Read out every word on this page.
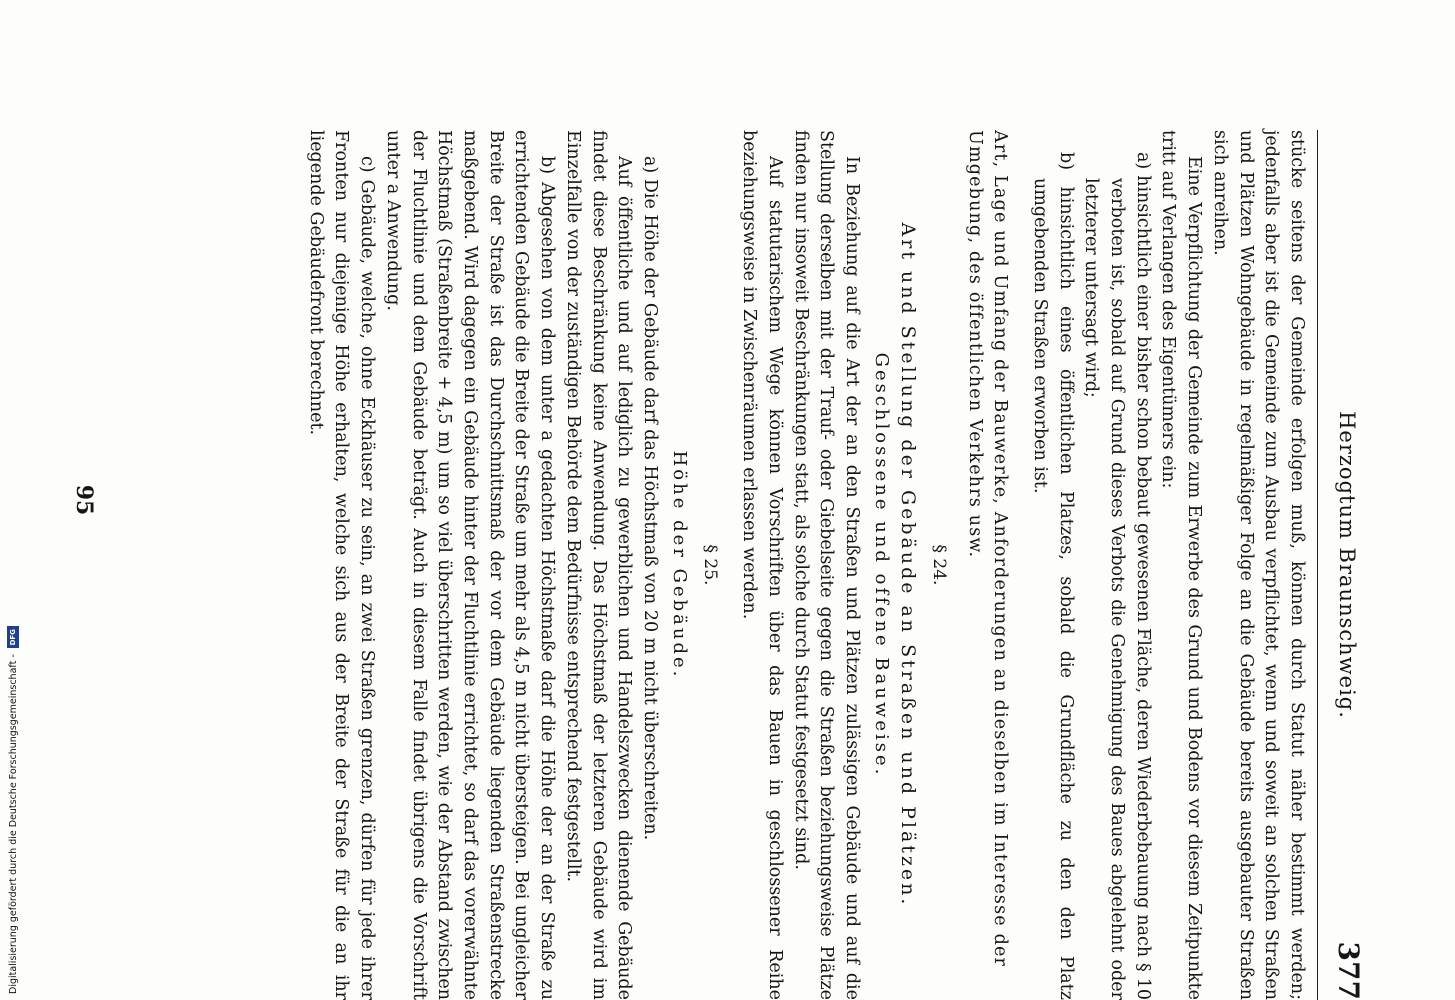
Herzogtum Braunschweig.
377

stücke seitens der Gemeinde erfolgen muß, können durch Statut näher bestimmt werden; jedenfalls aber ist die Gemeinde zum Ausbau verpflichtet, wenn und soweit an solchen Straßen und Plätzen Wohngebäude in regelmäßiger Folge an die Gebäude bereits ausgebauter Straßen sich anreihen.

Eine Verpflichtung der Gemeinde zum Erwerbe des Grund und Bodens vor diesem Zeitpunkte tritt auf Verlangen des Eigentümers ein:

a) hinsichtlich einer bisher schon bebaut gewesenen Fläche, deren Wiederbebauung nach § 10 verboten ist, sobald auf Grund dieses Verbots die Genehmigung des Baues abgelehnt oder letzterer untersagt wird;

b) hinsichtlich eines öffentlichen Platzes, sobald die Grundfläche zu den den Platz umgebenden Straßen erworben ist.

Art, Lage und Umfang der Bauwerke, Anforderungen an dieselben im Interesse der Umgebung, des öffentlichen Verkehrs usw.

§ 24.
Art und Stellung der Gebäude an Straßen und Plätzen.
Geschlossene und offene Bauweise.

In Beziehung auf die Art der an den Straßen und Plätzen zulässigen Gebäude und auf die Stellung derselben mit der Trauf- oder Giebelseite gegen die Straßen beziehungsweise Plätze finden nur insoweit Beschränkungen statt, als solche durch Statut festgesetzt sind.

Auf statutarischem Wege können Vorschriften über das Bauen in geschlossener Reihe beziehungsweise in Zwischenräumen erlassen werden.

§ 25.
Höhe der Gebäude.

a) Die Höhe der Gebäude darf das Höchstmaß von 20 m nicht überschreiten.

Auf öffentliche und auf lediglich zu gewerblichen und Handelszwecken dienende Gebäude findet diese Beschränkung keine Anwendung. Das Höchstmaß der letzteren Gebäude wird im Einzelfalle von der zuständigen Behörde dem Bedürfnisse entsprechend festgestellt.

b) Abgesehen von dem unter a gedachten Höchstmaße darf die Höhe der an der Straße zu errichtenden Gebäude die Breite der Straße um mehr als 4,5 m nicht übersteigen. Bei ungleicher Breite der Straße ist das Durchschnittsmaß der vor dem Gebäude liegenden Straßenstrecke maßgebend. Wird dagegen ein Gebäude hinter der Fluchtlinie errichtet, so darf das vorerwähnte Höchstmaß (Straßenbreite + 4,5 m) um so viel überschritten werden, wie der Abstand zwischen der Fluchtlinie und dem Gebäude beträgt. Auch in diesem Falle findet übrigens die Vorschrift unter a Anwendung.

c) Gebäude, welche, ohne Eckhäuser zu sein, an zwei Straßen grenzen, dürfen für jede ihrer Fronten nur diejenige Höhe erhalten, welche sich aus der Breite der Straße für die an ihr liegende Gebäudefront berechnet.

95
Digitalisierung gefördert durch die Deutsche Forschungsgemeinschaft -
DFG
